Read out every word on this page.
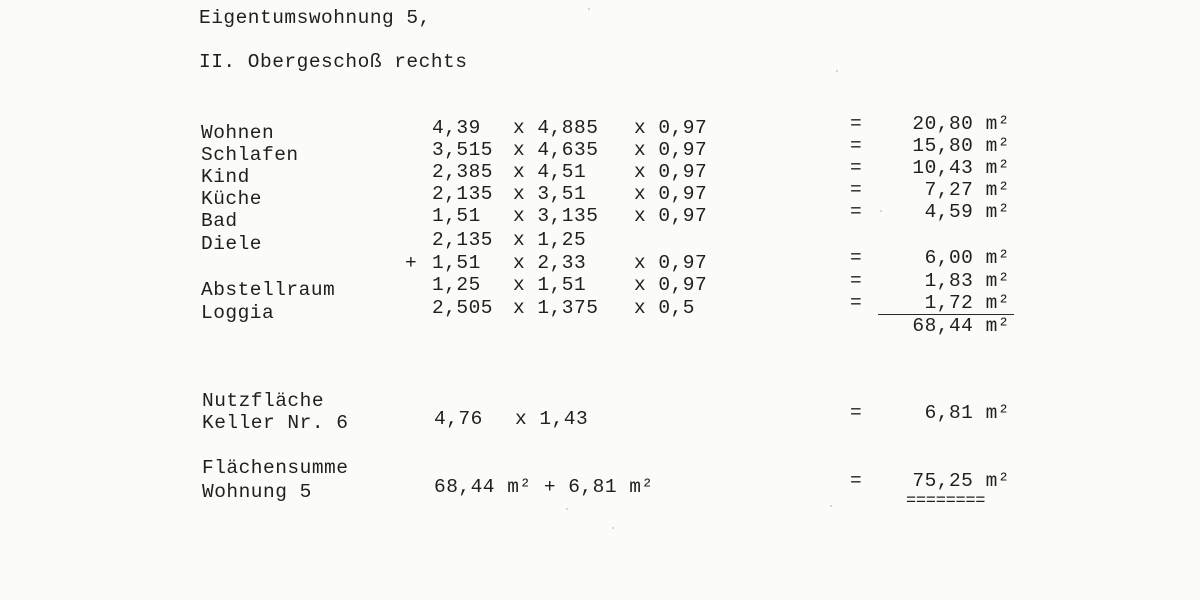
Eigentumswohnung 5,
II. Obergeschoß rechts
Wohnen	4,39 x 4,885 x 0,97	=	20,80 m²
Schlafen	3,515 x 4,635 x 0,97	=	15,80 m²
Kind	2,385 x 4,51 x 0,97	=	10,43 m²
Küche	2,135 x 3,51 x 0,97	=	7,27 m²
Bad	1,51 x 3,135 x 0,97	=	4,59 m²
Diele	2,135 x 1,25
+ 1,51 x 2,33 x 0,97	=	6,00 m²
Abstellraum	1,25 x 1,51 x 0,97	=	1,83 m²
Loggia	2,505 x 1,375 x 0,5	=	1,72 m²
68,44 m²
Nutzfläche
Keller Nr. 6	4,76 x 1,43	=	6,81 m²
Flächensumme
Wohnung 5	68,44 m² + 6,81 m²	=	75,25 m²
========
